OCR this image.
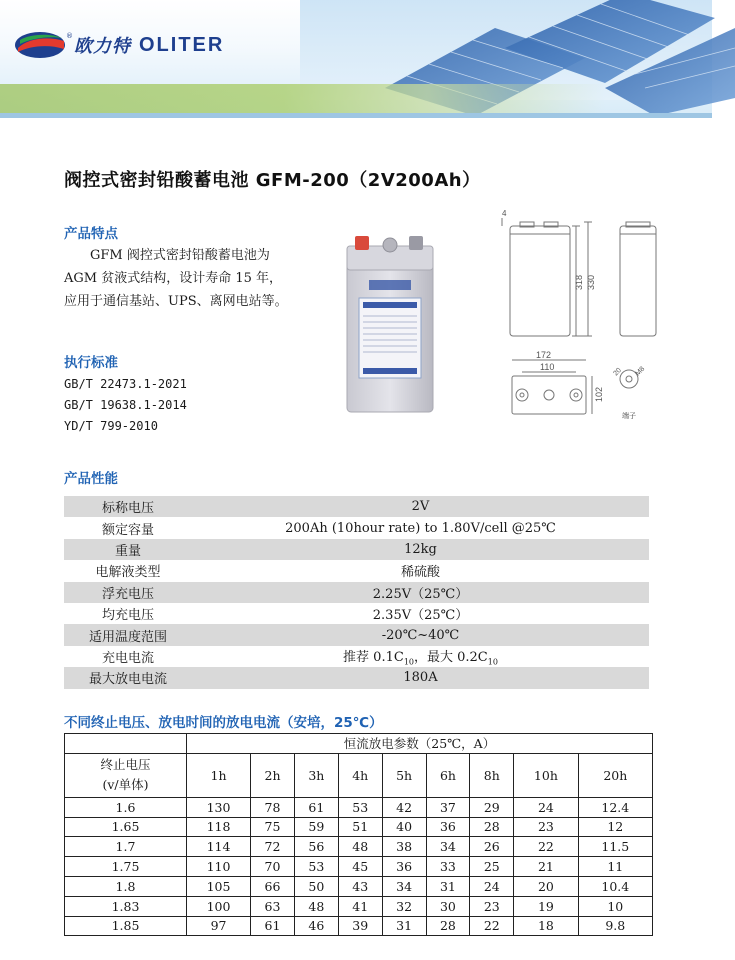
® 欧力特 OLITER
阀控式密封铅酸蓄电池 GFM-200（2V200Ah）
产品特点

GFM 阀控式密封铅酸蓄电池为

AGM 贫液式结构，设计寿命 15 年，
应用于通信基站、UPS、离网电站等。
执行标准
GB/T 22473.1-2021
GB/T 19638.1-2014
YD/T 799-2010
4
318 330
172
110
102
20 M8
端子
产品性能
标称电压	2V
额定容量	200Ah (10hour rate) to 1.80V/cell @25℃
重量	12kg
电解液类型	稀硫酸
浮充电压	2.25V（25℃）
均充电压	2.35V（25℃）
适用温度范围	-20℃~40℃
充电电流	推荐 $0.1C_{10}$，最大 $0.2C_{10}$
最大放电电流	180A
不同终止电压、放电时间的放电电流（安培，25℃）
	恒流放电参数（25℃，A）								

终止电压
(v/单体)	1h	2h	3h	4h	5h	6h	8h	10h	20h
1.6	130	78	61	53	42	37	29	24	12.4
1.65	118	75	59	51	40	36	28	23	12
1.7	114	72	56	48	38	34	26	22	11.5
1.75	110	70	53	45	36	33	25	21	11
1.8	105	66	50	43	34	31	24	20	10.4
1.83	100	63	48	41	32	30	23	19	10
1.85	97	61	46	39	31	28	22	18	9.8
